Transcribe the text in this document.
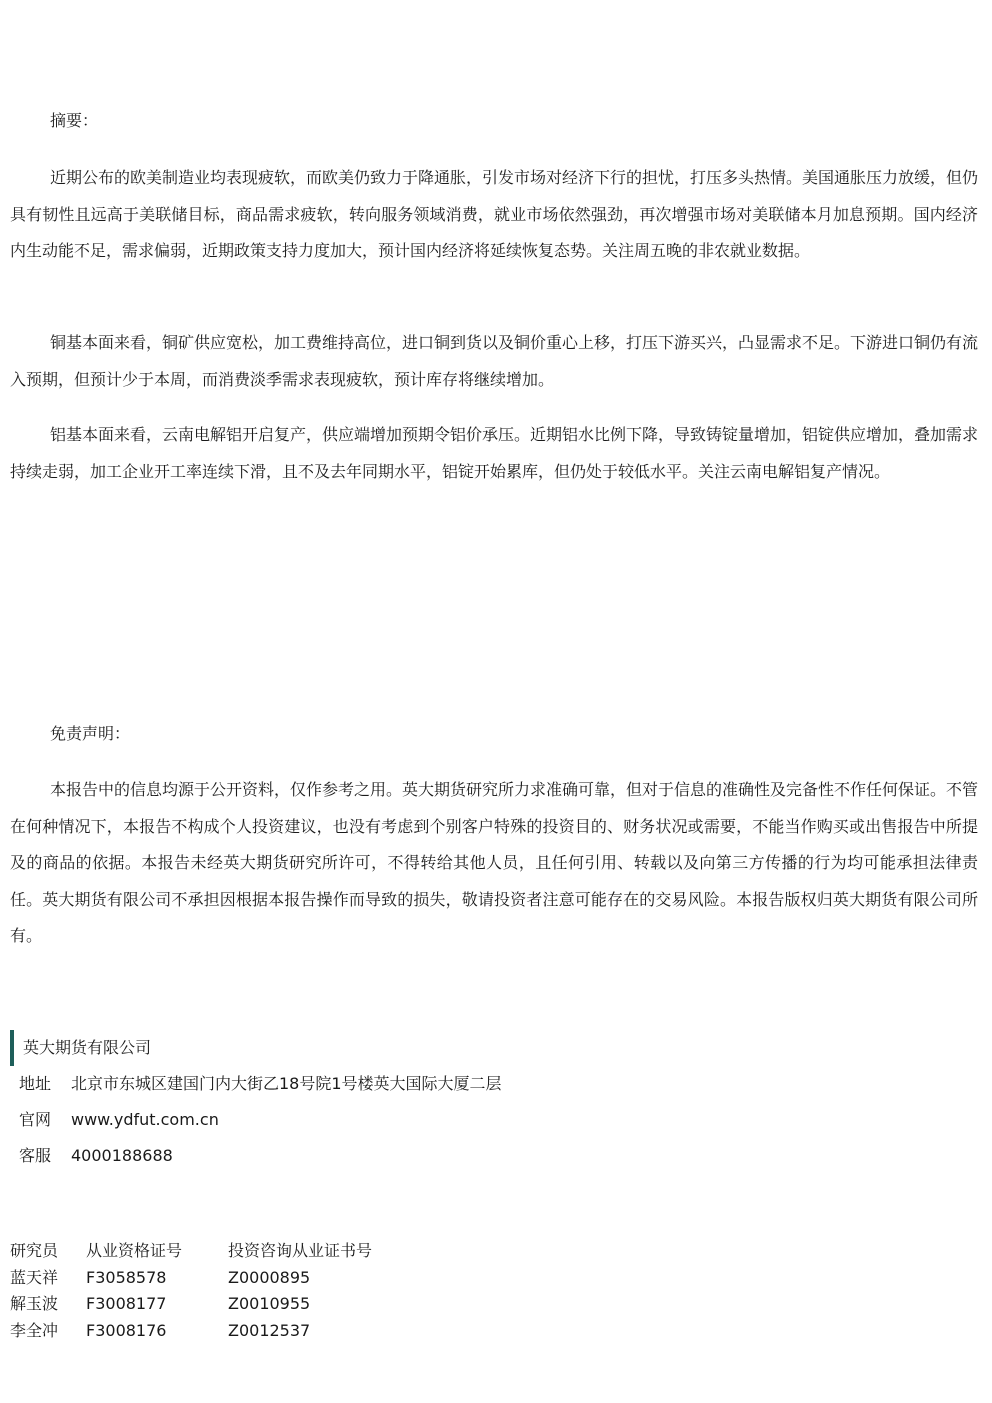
摘要：

近期公布的欧美制造业均表现疲软，而欧美仍致力于降通胀，引发市场对经济下行的担忧，打压多头热情。美国通胀压力放缓，但仍具有韧性且远高于美联储目标，商品需求疲软，转向服务领域消费，就业市场依然强劲，再次增强市场对美联储本月加息预期。国内经济内生动能不足，需求偏弱，近期政策支持力度加大，预计国内经济将延续恢复态势。关注周五晚的非农就业数据。

铜基本面来看，铜矿供应宽松，加工费维持高位，进口铜到货以及铜价重心上移，打压下游买兴，凸显需求不足。下游进口铜仍有流入预期，但预计少于本周，而消费淡季需求表现疲软，预计库存将继续增加。

铝基本面来看，云南电解铝开启复产，供应端增加预期令铝价承压。近期铝水比例下降，导致铸锭量增加，铝锭供应增加，叠加需求持续走弱，加工企业开工率连续下滑，且不及去年同期水平，铝锭开始累库，但仍处于较低水平。关注云南电解铝复产情况。

免责声明：

本报告中的信息均源于公开资料，仅作参考之用。英大期货研究所力求准确可靠，但对于信息的准确性及完备性不作任何保证。不管在何种情况下，本报告不构成个人投资建议，也没有考虑到个别客户特殊的投资目的、财务状况或需要，不能当作购买或出售报告中所提及的商品的依据。本报告未经英大期货研究所许可，不得转给其他人员，且任何引用、转载以及向第三方传播的行为均可能承担法律责任。英大期货有限公司不承担因根据本报告操作而导致的损失，敬请投资者注意可能存在的交易风险。本报告版权归英大期货有限公司所有。

英大期货有限公司
地址 北京市东城区建国门内大街乙18号院1号楼英大国际大厦二层
官网 www.ydfut.com.cn
客服 4000188688
研究员	从业资格证号	投资咨询从业证书号
蓝天祥	F3058578	Z0000895
解玉波	F3008177	Z0010955
李全冲	F3008176	Z0012537
